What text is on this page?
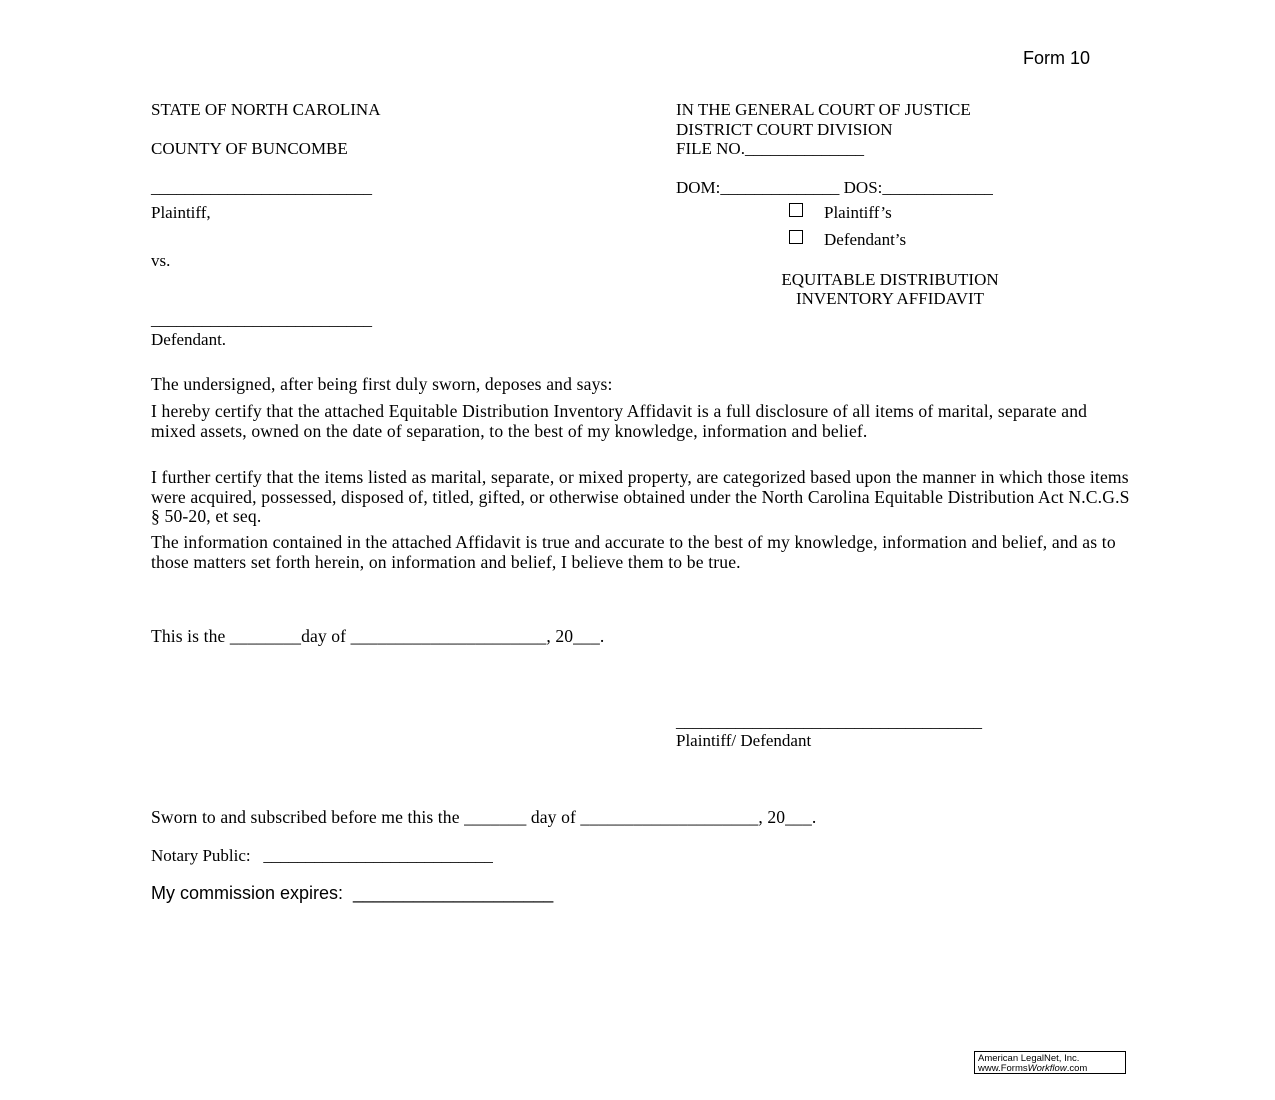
Form 10
STATE OF NORTH CAROLINA
COUNTY OF BUNCOMBE
__________________________
Plaintiff,
vs.
__________________________
Defendant.
IN THE GENERAL COURT OF JUSTICE
DISTRICT COURT DIVISION
FILE NO.______________
DOM:______________ DOS:_____________
Plaintiff’s
Defendant’s
EQUITABLE DISTRIBUTION
INVENTORY AFFIDAVIT
The undersigned, after being first duly sworn, deposes and says:
I hereby certify that the attached Equitable Distribution Inventory Affidavit is a full disclosure of all items of marital, separate and mixed assets, owned on the date of separation, to the best of my knowledge, information and belief.
I further certify that the items listed as marital, separate, or mixed property, are categorized based upon the manner in which those items were acquired, possessed, disposed of, titled, gifted, or otherwise obtained under the North Carolina Equitable Distribution Act N.C.G.S § 50-20, et seq.
The information contained in the attached Affidavit is true and accurate to the best of my knowledge, information and belief, and as to those matters set forth herein, on information and belief, I believe them to be true.
This is the ________day of ______________________, 20___.
____________________________________
Plaintiff/ Defendant
Sworn to and subscribed before me this the _______ day of ____________________, 20___.
Notary Public:   ___________________________
My commission expires:  ____________________
American LegalNet, Inc.
www.FormsWorkflow.com
